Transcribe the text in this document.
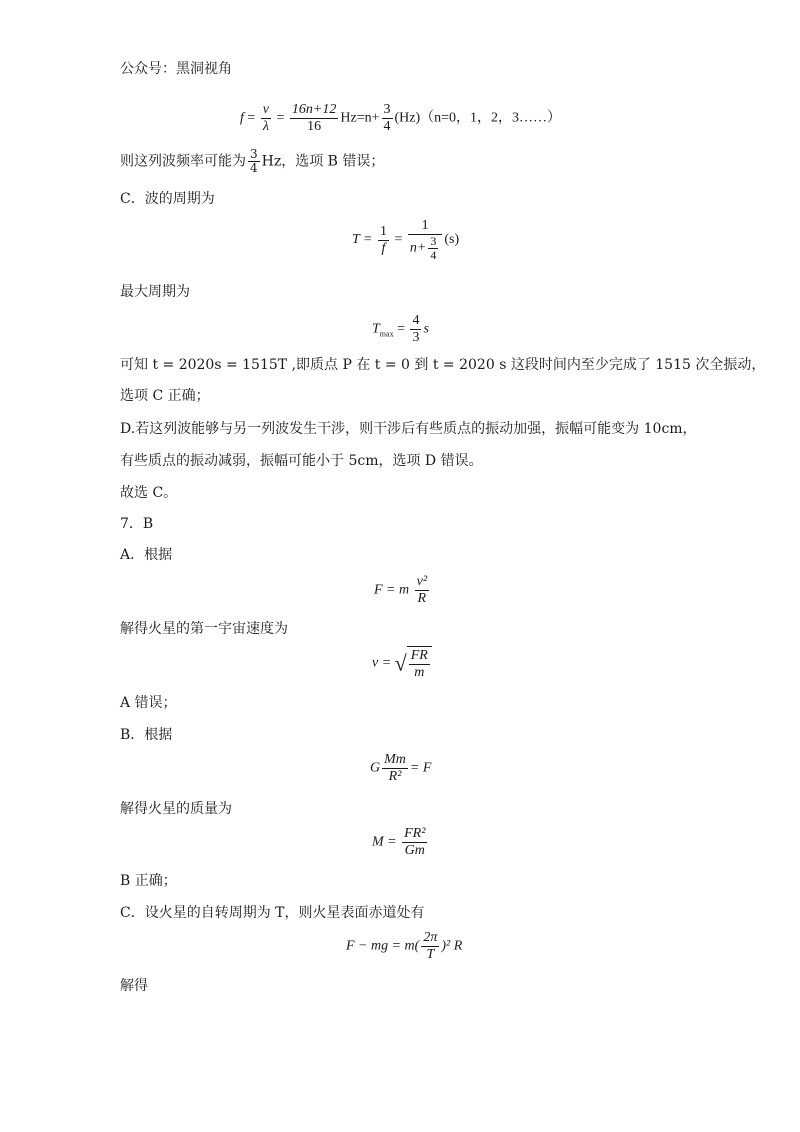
公众号：黑洞视角
$f = \frac{v}{\lambda} = \frac{16n+12}{16} Hz=n+ \frac{3}{4} (Hz)(n=0$，1，2，3……）
则这列波频率可能为 $\frac{3}{4}$ Hz，选项 B 错误；
C．波的周期为
$T = \frac{1}{f} = \frac{1}{n+ \frac{3}{4}} (s)$
最大周期为
$T_{max} = \frac{4}{3}$ s
可知 t = 2020s = 1515T ,即质点 P 在 t = 0 到 t = 2020 s 这段时间内至少完成了 1515 次全振动，
选项 C 正确；
D.若这列波能够与另一列波发生干涉，则干涉后有些质点的振动加强，振幅可能变为 10cm，
有些质点的振动减弱，振幅可能小于 5cm，选项 D 错误。
故选 C。
7．B
A．根据
F = m $\frac{\text{v²}}{R}$
解得火星的第一宇宙速度为
v = √ $\frac{FR}{m}$
A 错误；
B．根据
G $\frac{Mm}{\text{R²}} = F$
解得火星的质量为
$M = \frac{\text{FR²}}{Gm}$
B 正确；
C．设火星的自转周期为 T，则火星表面赤道处有
F − mg = $m( \frac{2\pi}{T} )^2$ R
解得
